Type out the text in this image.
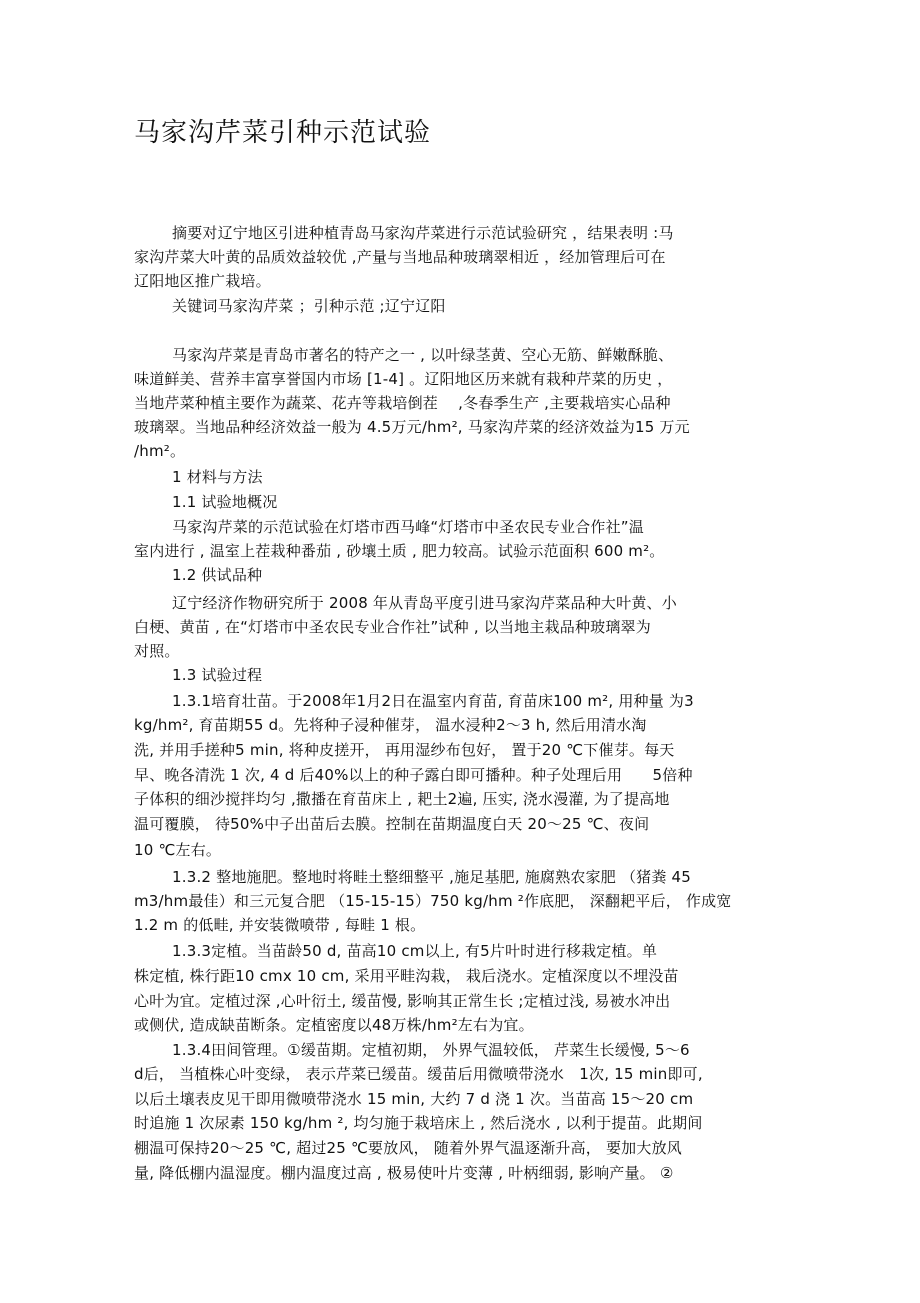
马家沟芹菜引种示范试验
摘要对辽宁地区引进种植青岛马家沟芹菜进行示范试验研究 ，结果表明 :马
家沟芹菜大叶黄的品质效益较优 ,产量与当地品种玻璃翠相近 ，经加管理后可在
辽阳地区推广栽培。
关键词马家沟芹菜 ；引种示范 ;辽宁辽阳
马家沟芹菜是青岛市著名的特产之一 , 以叶绿茎黄、空心无筋、鲜嫩酥脆、
味道鲜美、营养丰富享誉国内市场 [1-4] 。辽阳地区历来就有栽种芹菜的历史 ，
当地芹菜种植主要作为蔬菜、花卉等栽培倒茬　 ,冬春季生产 ,主要栽培实心品种
玻璃翠。当地品种经济效益一般为 4.5万元/hm², 马家沟芹菜的经济效益为15 万元
/hm²。
1 材料与方法
1.1 试验地概况
马家沟芹菜的示范试验在灯塔市西马峰“灯塔市中圣农民专业合作社”温
室内进行 , 温室上茬栽种番茄 , 砂壤土质 , 肥力较高。试验示范面积 600 m²。
1.2 供试品种
辽宁经济作物研究所于 2008 年从青岛平度引进马家沟芹菜品种大叶黄、小
白梗、黄苗 , 在“灯塔市中圣农民专业合作社”试种 , 以当地主栽品种玻璃翠为
对照。
1.3 试验过程
1.3.1培育壮苗。于2008年1月2日在温室内育苗, 育苗床100 m², 用种量 为3
kg/hm², 育苗期55 d。先将种子浸种催芽， 温水浸种2～3 h, 然后用清水淘
洗, 并用手搓种5 min, 将种皮搓开， 再用湿纱布包好， 置于20 ℃下催芽。每天
早、晚各清洗 1 次, 4 d 后40%以上的种子露白即可播种。种子处理后用　　5倍种
子体积的细沙搅拌均匀 ,撒播在育苗床上 , 耙土2遍, 压实, 浇水漫灌, 为了提高地
温可覆膜， 待50%中子出苗后去膜。控制在苗期温度白天 20～25 ℃、夜间
10 ℃左右。
1.3.2 整地施肥。整地时将畦土整细整平 ,施足基肥, 施腐熟农家肥 （猪粪 45
m3/hm最佳）和三元复合肥 （15-15-15）750 kg/hm ²作底肥， 深翻耙平后， 作成宽
1.2 m 的低畦, 并安装微喷带 , 每畦 1 根。
1.3.3定植。当苗龄50 d, 苗高10 cm以上, 有5片叶时进行移栽定植。单
株定植, 株行距10 cmx 10 cm, 采用平畦沟栽， 栽后浇水。定植深度以不埋没苗
心叶为宜。定植过深 ,心叶衍土, 缓苗慢, 影响其正常生长 ;定植过浅, 易被水冲出
或侧伏, 造成缺苗断条。定植密度以48万株/hm²左右为宜。
1.3.4田间管理。①缓苗期。定植初期， 外界气温较低， 芹菜生长缓慢, 5～6
d后， 当植株心叶变绿， 表示芹菜已缓苗。缓苗后用微喷带浇水　1次, 15 min即可,
以后土壤表皮见干即用微喷带浇水 15 min, 大约 7 d 浇 1 次。当苗高 15～20 cm
时追施 1 次尿素 150 kg/hm ², 均匀施于栽培床上 , 然后浇水 , 以利于提苗。此期间
棚温可保持20～25 ℃, 超过25 ℃要放风， 随着外界气温逐渐升高， 要加大放风
量, 降低棚内温湿度。棚内温度过高 , 极易使叶片变薄 , 叶柄细弱, 影响产量。 ②
